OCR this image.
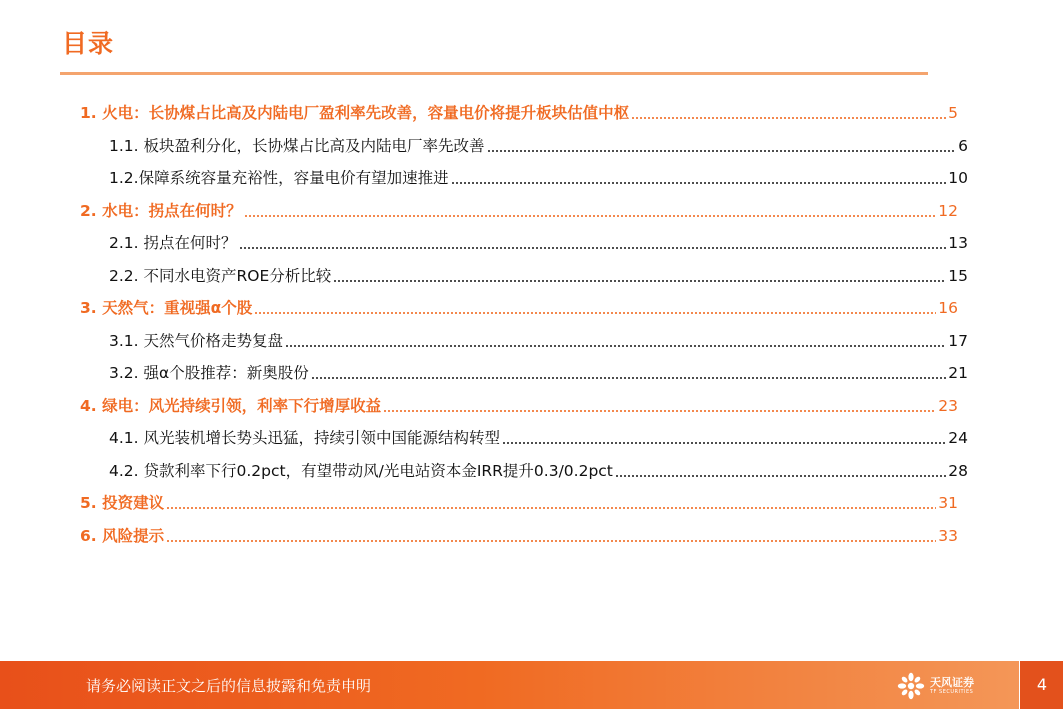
目录
1. 火电：长协煤占比高及内陆电厂盈利率先改善，容量电价将提升板块估值中枢	5
1.1. 板块盈利分化，长协煤占比高及内陆电厂率先改善	6
1.2.保障系统容量充裕性，容量电价有望加速推进	10
2. 水电：拐点在何时？	12
2.1. 拐点在何时？	13
2.2. 不同水电资产ROE分析比较	15
3. 天然气：重视强α个股	16
3.1. 天然气价格走势复盘	17
3.2. 强α个股推荐：新奥股份	21
4. 绿电：风光持续引领，利率下行增厚收益	23
4.1. 风光装机增长势头迅猛，持续引领中国能源结构转型	24
4.2. 贷款利率下行0.2pct，有望带动风/光电站资本金IRR提升0.3/0.2pct	28
5. 投资建议	31
6. 风险提示	33
请务必阅读正文之后的信息披露和免责申明	天风证券
TF SECURITIES	4
